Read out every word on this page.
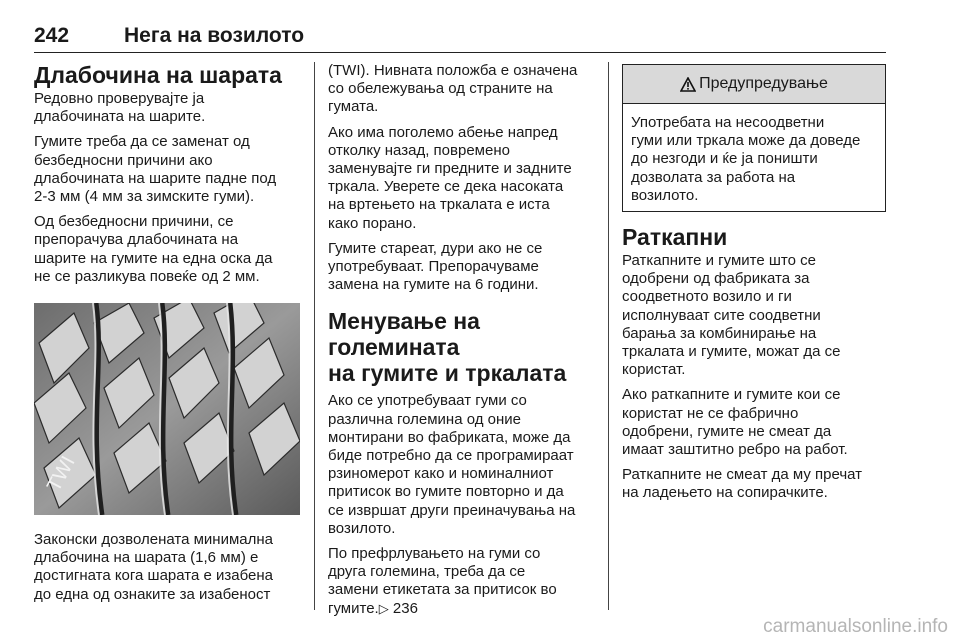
242	Нега на возилото
Длабочина на шарата

Редовно проверувајте ја
длабочината на шарите.

Гумите треба да се заменат од
безбедносни причини ако
длабочината на шарите падне под
2-3 мм (4 мм за зимските гуми).

Од безбедносни причини, се
препорачува длабочината на
шарите на гумите на една оска да
не се разликува повеќе од 2 мм.

TWI

Законски дозволената минимална
длабочина на шарата (1,6 мм) е
достигната кога шарата е изабена
до една од ознаките за изабеност

(TWI). Нивната положба е означена
со обележувања од страните на
гумата.

Ако има поголемо абење напред
отколку назад, повремено
заменувајте ги предните и задните
тркала. Уверете се дека насоката
на вртењето на тркалата е иста
како порано.

Гумите стареат, дури ако не се
употребуваат. Препорачуваме
замена на гумите на 6 години.

Менување на големината
на гумите и тркалата

Ако се употребуваат гуми со
различна големина од оние
монтирани во фабриката, може да
биде потребно да се програмираат
рзиномерот како и номиналниот
притисок во гумите повторно и да
се извршат други преиначувања на
возилото.

По префрлувањето на гуми со
друга големина, треба да се
замени етикетата за притисок во
гумите.▷ 236

Предупредување

Употребата на несоодветни
гуми или тркала може да доведе
до незгоди и ќе ја поништи
дозволата за работа на
возилото.

Раткапни

Раткапните и гумите што се
одобрени од фабриката за
соодветното возило и ги
исполнуваат сите соодветни
барања за комбинирање на
тркалата и гумите, можат да се
користат.

Ако раткапните и гумите кои се
користат не се фабрично
одобрени, гумите не смеат да
имаат заштитно ребро на работ.

Раткапните не смеат да му пречат
на ладењето на сопирачките.

carmanualsonline.info
